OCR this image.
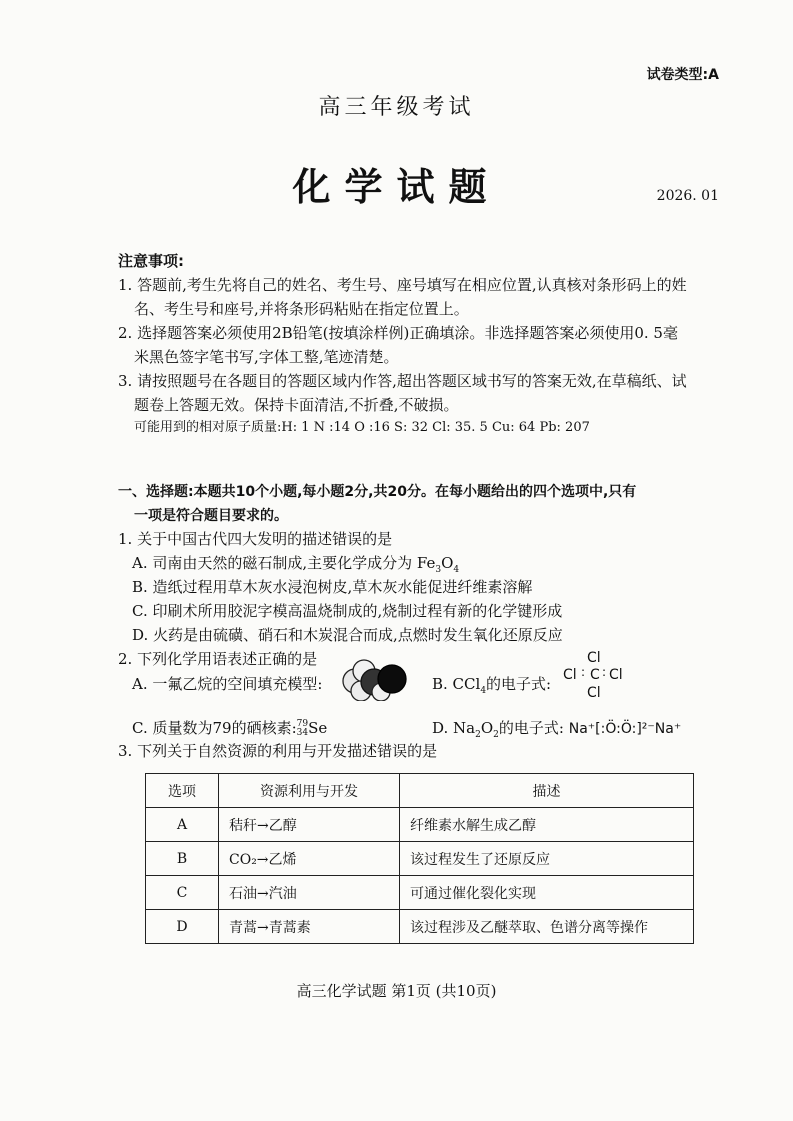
试卷类型:A
高三年级考试
化学试题	2026. 01
注意事项:
1. 答题前,考生先将自己的姓名、考生号、座号填写在相应位置,认真核对条形码上的姓
名、考生号和座号,并将条形码粘贴在指定位置上。
2. 选择题答案必须使用2B铅笔(按填涂样例)正确填涂。非选择题答案必须使用0. 5毫
米黑色签字笔书写,字体工整,笔迹清楚。
3. 请按照题号在各题目的答题区域内作答,超出答题区域书写的答案无效,在草稿纸、试
题卷上答题无效。保持卡面清洁,不折叠,不破损。
可能用到的相对原子质量:H: 1 N :14 O :16 S: 32 Cl: 35. 5 Cu: 64 Pb: 207
一、选择题:本题共10个小题,每小题2分,共20分。在每小题给出的四个选项中,只有
一项是符合题目要求的。
1. 关于中国古代四大发明的描述错误的是
A. 司南由天然的磁石制成,主要化学成分为 $Fe_3O_4$
B. 造纸过程用草木灰水浸泡树皮,草木灰水能促进纤维素溶解
C. 印刷术所用胶泥字模高温烧制成的,烧制过程有新的化学键形成
D. 火药是由硫磺、硝石和木炭混合而成,点燃时发生氧化还原反应
2. 下列化学用语表述正确的是
A. 一氟乙烷的空间填充模型:	B. CCl$_4$的电子式:
Cl
Cl : C : Cl
Cl
C. 质量数为79的硒核素: 79
34 Se	D. $Na_2O_2$的电子式: Na⁺[:Ö:Ö:]²⁻Na⁺
3. 下列关于自然资源的利用与开发描述错误的是
选项	资源利用与开发	描述
A	秸秆→乙醇	纤维素水解生成乙醇
B	CO₂→乙烯	该过程发生了还原反应
C	石油→汽油	可通过催化裂化实现
D	青蒿→青蒿素	该过程涉及乙醚萃取、色谱分离等操作
高三化学试题 第1页 (共10页)
